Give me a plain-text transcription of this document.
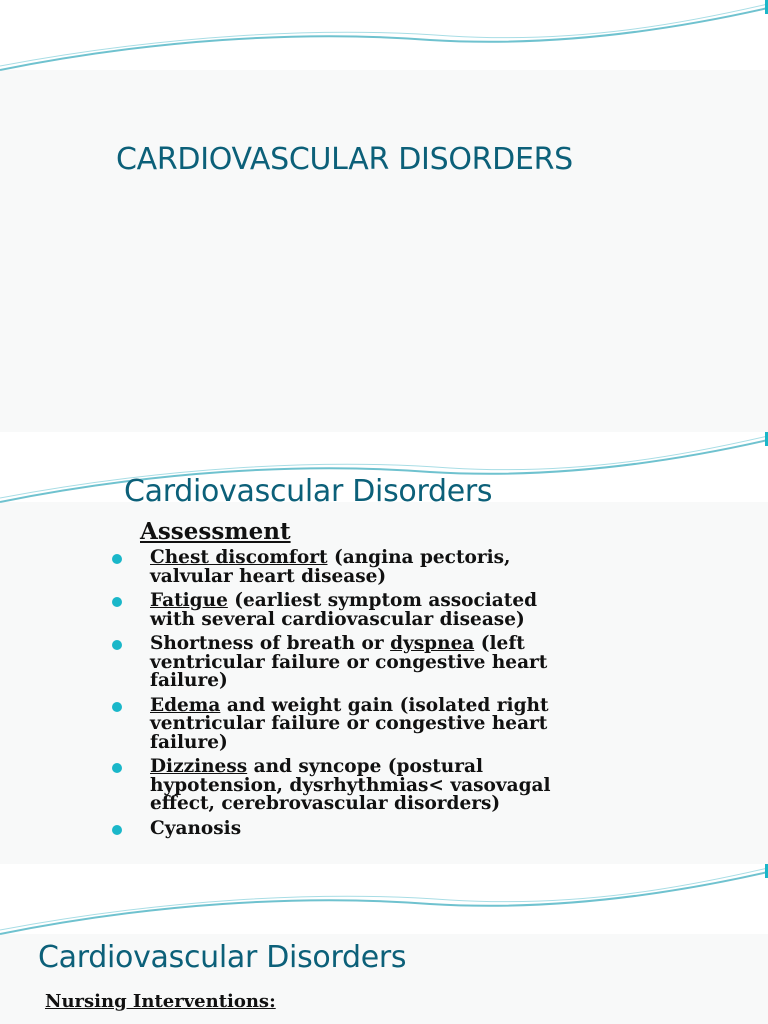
CARDIOVASCULAR DISORDERS
Cardiovascular Disorders
Assessment
Chest discomfort (angina pectoris, valvular heart disease)
Fatigue (earliest symptom associated with several cardiovascular disease)
Shortness of breath or dyspnea (left ventricular failure or congestive heart failure)
Edema and weight gain (isolated right ventricular failure or congestive heart failure)
Dizziness and syncope (postural hypotension, dysrhythmias< vasovagal effect, cerebrovascular disorders)
Cyanosis
Cardiovascular Disorders
Nursing Interventions:
